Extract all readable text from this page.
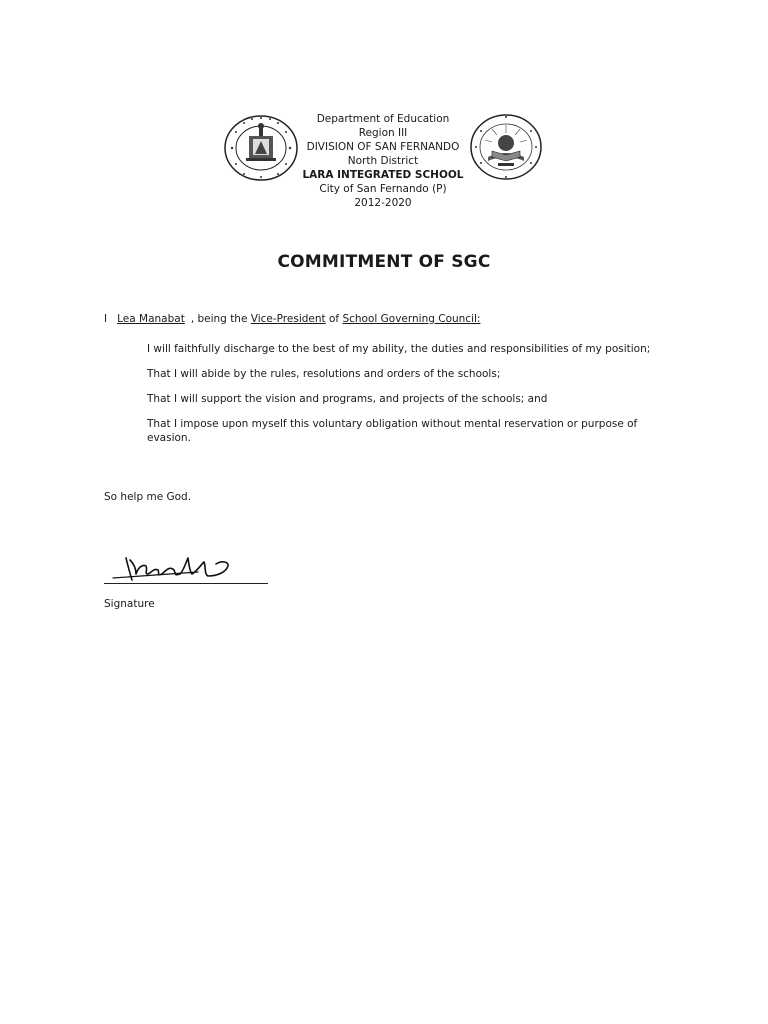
Department of Education
Region III
DIVISION OF SAN FERNANDO
North District
LARA INTEGRATED SCHOOL
City of San Fernando (P)
2012-2020
COMMITMENT OF SGC
I Lea Manabat , being the Vice-President of School Governing Council:

I will faithfully discharge to the best of my ability, the duties and responsibilities of my position;

That I will abide by the rules, resolutions and orders of the schools;

That I will support the vision and programs, and projects of the schools; and

That I impose upon myself this voluntary obligation without mental reservation or purpose of evasion.

So help me God.
Signature
